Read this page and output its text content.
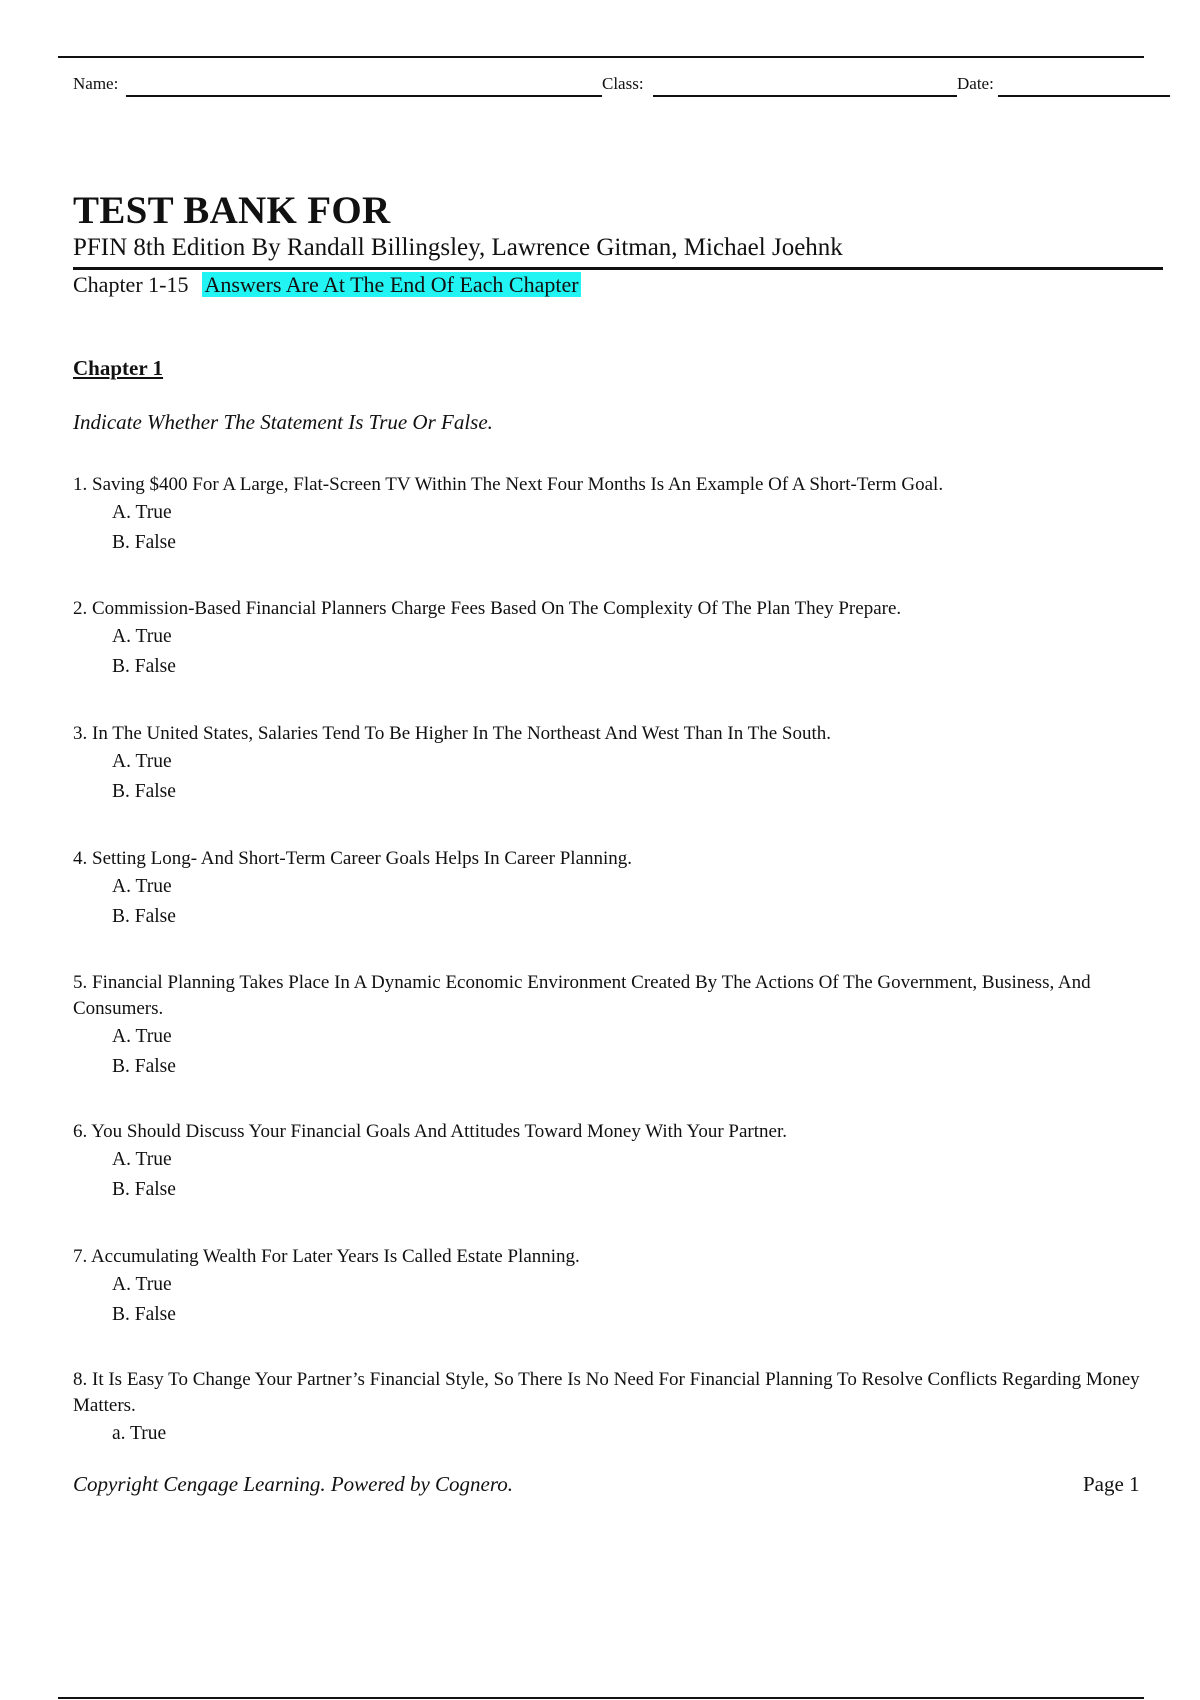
Name:	Class:	Date:
TEST BANK FOR
PFIN 8th Edition By Randall Billingsley, Lawrence Gitman, Michael Joehnk
Chapter 1-15 Answers Are At The End Of Each Chapter
Chapter 1
Indicate Whether The Statement Is True Or False.
1. Saving $400 For A Large, Flat-Screen TV Within The Next Four Months Is An Example Of A Short-Term Goal.
A. True
B. False
2. Commission-Based Financial Planners Charge Fees Based On The Complexity Of The Plan They Prepare.
A. True
B. False
3. In The United States, Salaries Tend To Be Higher In The Northeast And West Than In The South.
A. True
B. False
4. Setting Long- And Short-Term Career Goals Helps In Career Planning.
A. True
B. False
5. Financial Planning Takes Place In A Dynamic Economic Environment Created By The Actions Of The Government, Business, And Consumers.
A. True
B. False
6. You Should Discuss Your Financial Goals And Attitudes Toward Money With Your Partner.
A. True
B. False
7. Accumulating Wealth For Later Years Is Called Estate Planning.
A. True
B. False
8. It Is Easy To Change Your Partner’s Financial Style, So There Is No Need For Financial Planning To Resolve Conflicts Regarding Money Matters.
a. True
Copyright Cengage Learning. Powered by Cognero.	Page 1
